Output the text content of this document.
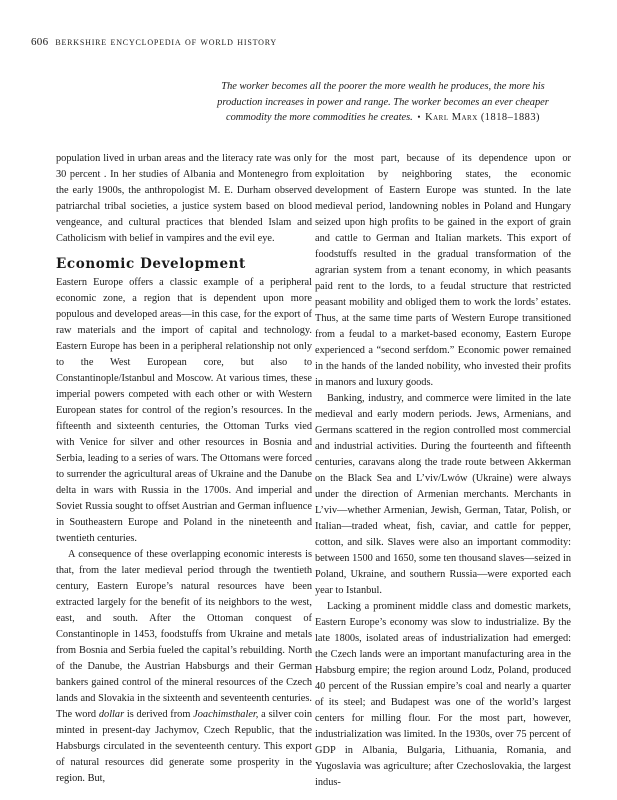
606 berkshire encyclopedia of world history
The worker becomes all the poorer the more wealth he produces, the more his
production increases in power and range. The worker becomes an ever cheaper
commodity the more commodities he creates. • Karl Marx (1818–1883)

population lived in urban areas and the literacy rate was only 30 percent . In her studies of Albania and Montenegro from the early 1900s, the anthropologist M. E. Durham observed patriarchal tribal societies, a justice system based on blood vengeance, and cultural practices that blended Islam and Catholicism with belief in vampires and the evil eye.

Economic Development

Eastern Europe offers a classic example of a peripheral economic zone, a region that is dependent upon more populous and developed areas—in this case, for the export of raw materials and the import of capital and technology. Eastern Europe has been in a peripheral relationship not only to the West European core, but also to Constantinople/Istanbul and Moscow. At various times, these imperial powers competed with each other or with Western European states for control of the region’s resources. In the fifteenth and sixteenth centuries, the Ottoman Turks vied with Venice for silver and other resources in Bosnia and Serbia, leading to a series of wars. The Ottomans were forced to surrender the agricultural areas of Ukraine and the Danube delta in wars with Russia in the 1700s. And imperial and Soviet Russia sought to offset Austrian and German influence in Southeastern Europe and Poland in the nineteenth and twentieth centuries.

A consequence of these overlapping economic interests is that, from the later medieval period through the twentieth century, Eastern Europe’s natural resources have been extracted largely for the benefit of its neighbors to the west, east, and south. After the Ottoman conquest of Constantinople in 1453, foodstuffs from Ukraine and metals from Bosnia and Serbia fueled the capital’s rebuilding. North of the Danube, the Austrian Habsburgs and their German bankers gained control of the mineral resources of the Czech lands and Slovakia in the sixteenth and seventeenth centuries. The word dollar is derived from Joachimsthaler, a silver coin minted in present-day Jachymov, Czech Republic, that the Habsburgs circulated in the seventeenth century. This export of natural resources did generate some prosperity in the region. But,

for the most part, because of its dependence upon or exploitation by neighboring states, the economic development of Eastern Europe was stunted. In the late medieval period, landowning nobles in Poland and Hungary seized upon high profits to be gained in the export of grain and cattle to German and Italian markets. This export of foodstuffs resulted in the gradual transformation of the agrarian system from a tenant economy, in which peasants paid rent to the lords, to a feudal structure that restricted peasant mobility and obliged them to work the lords’ estates. Thus, at the same time parts of Western Europe transitioned from a feudal to a market-based economy, Eastern Europe experienced a “second serfdom.” Economic power remained in the hands of the landed nobility, who invested their profits in manors and luxury goods.

Banking, industry, and commerce were limited in the late medieval and early modern periods. Jews, Armenians, and Germans scattered in the region controlled most commercial and industrial activities. During the fourteenth and fifteenth centuries, caravans along the trade route between Akkerman on the Black Sea and L’viv/Lwów (Ukraine) were always under the direction of Armenian merchants. Merchants in L’viv—whether Armenian, Jewish, German, Tatar, Polish, or Italian—traded wheat, fish, caviar, and cattle for pepper, cotton, and silk. Slaves were also an important commodity: between 1500 and 1650, some ten thousand slaves—seized in Poland, Ukraine, and southern Russia—were exported each year to Istanbul.

Lacking a prominent middle class and domestic markets, Eastern Europe’s economy was slow to industrialize. By the late 1800s, isolated areas of industrialization had emerged: the Czech lands were an important manufacturing area in the Habsburg empire; the region around Lodz, Poland, produced 40 percent of the Russian empire’s coal and nearly a quarter of its steel; and Budapest was one of the world’s largest centers for milling flour. For the most part, however, industrialization was limited. In the 1930s, over 75 percent of GDP in Albania, Bulgaria, Lithuania, Romania, and Yugoslavia was agriculture; after Czechoslovakia, the largest indus-
